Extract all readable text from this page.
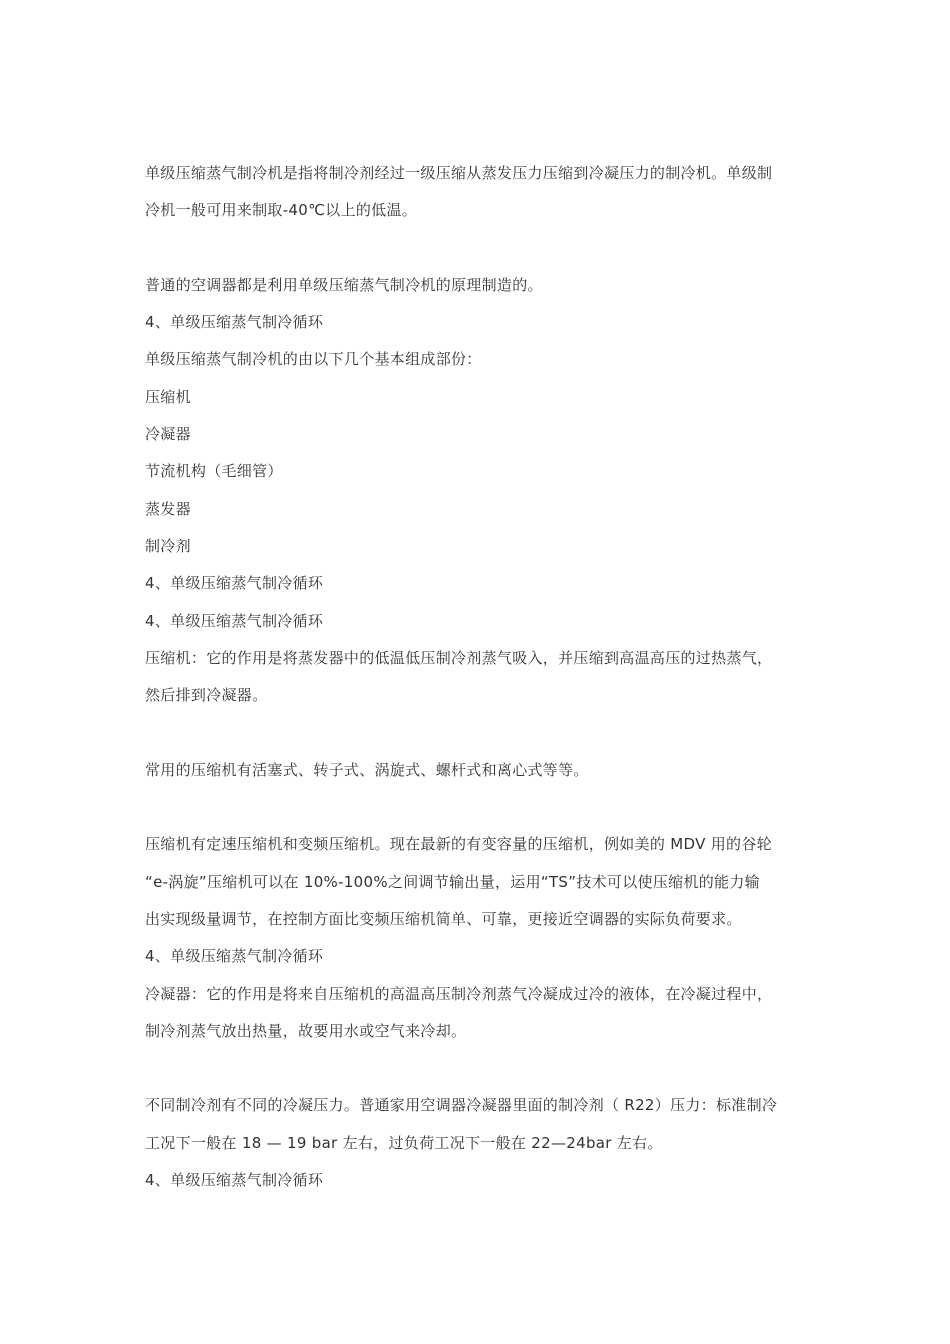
单级压缩蒸气制冷机是指将制冷剂经过一级压缩从蒸发压力压缩到冷凝压力的制冷机。单级制
冷机一般可用来制取-40℃以上的低温。
普通的空调器都是利用单级压缩蒸气制冷机的原理制造的。
4、单级压缩蒸气制冷循环
单级压缩蒸气制冷机的由以下几个基本组成部份：
压缩机
冷凝器
节流机构（毛细管）
蒸发器
制冷剂
4、单级压缩蒸气制冷循环
4、单级压缩蒸气制冷循环
压缩机：它的作用是将蒸发器中的低温低压制冷剂蒸气吸入，并压缩到高温高压的过热蒸气，
然后排到冷凝器。
常用的压缩机有活塞式、转子式、涡旋式、螺杆式和离心式等等。
压缩机有定速压缩机和变频压缩机。现在最新的有变容量的压缩机，例如美的 MDV 用的谷轮
“e-涡旋”压缩机可以在 10%-100%之间调节输出量，运用“TS”技术可以使压缩机的能力输
出实现级量调节，在控制方面比变频压缩机简单、可靠，更接近空调器的实际负荷要求。
4、单级压缩蒸气制冷循环
冷凝器：它的作用是将来自压缩机的高温高压制冷剂蒸气冷凝成过冷的液体，在冷凝过程中，
制冷剂蒸气放出热量，故要用水或空气来冷却。
不同制冷剂有不同的冷凝压力。普通家用空调器冷凝器里面的制冷剂（ R22）压力：标准制冷
工况下一般在 18 — 19 bar 左右，过负荷工况下一般在 22—24bar 左右。
4、单级压缩蒸气制冷循环
